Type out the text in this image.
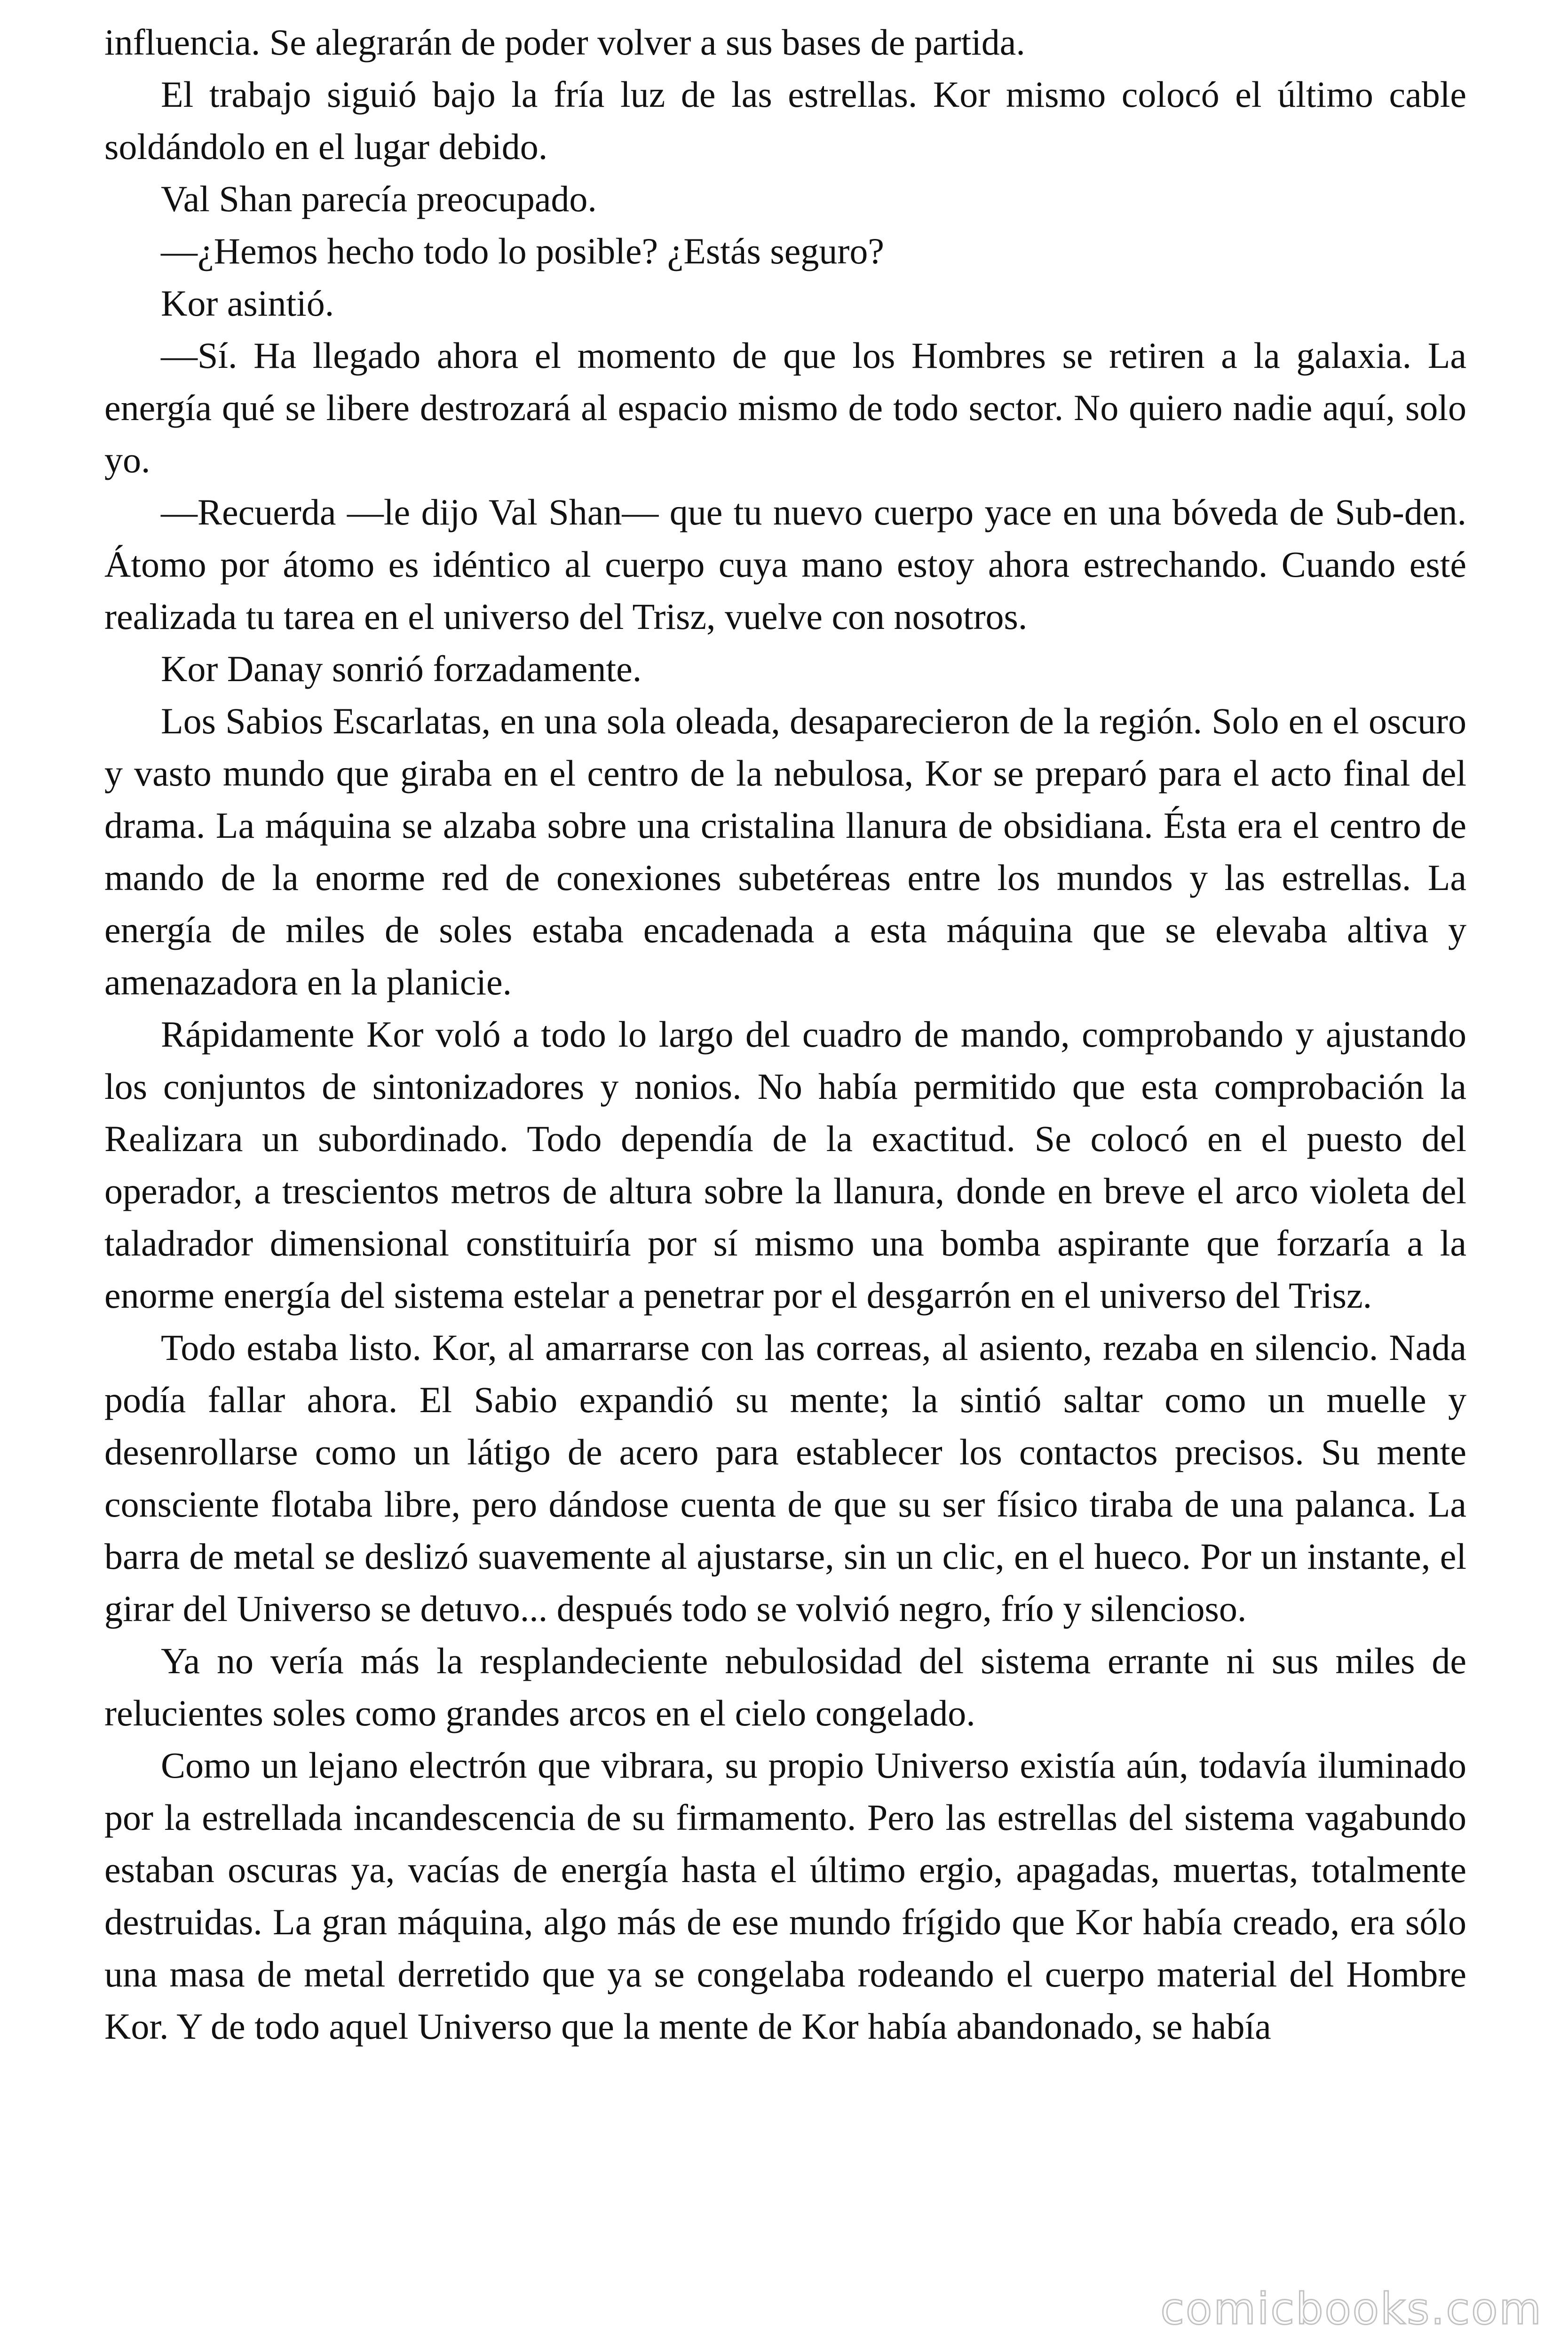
influencia. Se alegrarán de poder volver a sus bases de partida.

El trabajo siguió bajo la fría luz de las estrellas. Kor mismo colocó el último cable soldándolo en el lugar debido.

Val Shan parecía preocupado.

—¿Hemos hecho todo lo posible? ¿Estás seguro?

Kor asintió.

—Sí. Ha llegado ahora el momento de que los Hombres se retiren a la galaxia. La energía qué se libere destrozará al espacio mismo de todo sector. No quiero nadie aquí, solo yo.

—Recuerda —le dijo Val Shan— que tu nuevo cuerpo yace en una bóveda de Sub-den. Átomo por átomo es idéntico al cuerpo cuya mano estoy ahora estrechando. Cuando esté realizada tu tarea en el universo del Trisz, vuelve con nosotros.

Kor Danay sonrió forzadamente.

Los Sabios Escarlatas, en una sola oleada, desaparecieron de la región. Solo en el oscuro y vasto mundo que giraba en el centro de la nebulosa, Kor se preparó para el acto final del drama. La máquina se alzaba sobre una cristalina llanura de obsidiana. Ésta era el centro de mando de la enorme red de conexiones subetéreas entre los mundos y las estrellas. La energía de miles de soles estaba encadenada a esta máquina que se elevaba altiva y amenazadora en la planicie.

Rápidamente Kor voló a todo lo largo del cuadro de mando, comprobando y ajustando los conjuntos de sintonizadores y nonios. No había permitido que esta comprobación la Realizara un subordinado. Todo dependía de la exactitud. Se colocó en el puesto del operador, a trescientos metros de altura sobre la llanura, donde en breve el arco violeta del taladrador dimensional constituiría por sí mismo una bomba aspirante que forzaría a la enorme energía del sistema estelar a penetrar por el desgarrón en el universo del Trisz.

Todo estaba listo. Kor, al amarrarse con las correas, al asiento, rezaba en silencio. Nada podía fallar ahora. El Sabio expandió su mente; la sintió saltar como un muelle y desenrollarse como un látigo de acero para establecer los contactos precisos. Su mente consciente flotaba libre, pero dándose cuenta de que su ser físico tiraba de una palanca. La barra de metal se deslizó suavemente al ajustarse, sin un clic, en el hueco. Por un instante, el girar del Universo se detuvo... después todo se volvió negro, frío y silencioso.

Ya no vería más la resplandeciente nebulosidad del sistema errante ni sus miles de relucientes soles como grandes arcos en el cielo congelado.

Como un lejano electrón que vibrara, su propio Universo existía aún, todavía iluminado por la estrellada incandescencia de su firmamento. Pero las estrellas del sistema vagabundo estaban oscuras ya, vacías de energía hasta el último ergio, apagadas, muertas, totalmente destruidas. La gran máquina, algo más de ese mundo frígido que Kor había creado, era sólo una masa de metal derretido que ya se congelaba rodeando el cuerpo material del Hombre Kor. Y de todo aquel Universo que la mente de Kor había abandonado, se había

comicbooks.com
